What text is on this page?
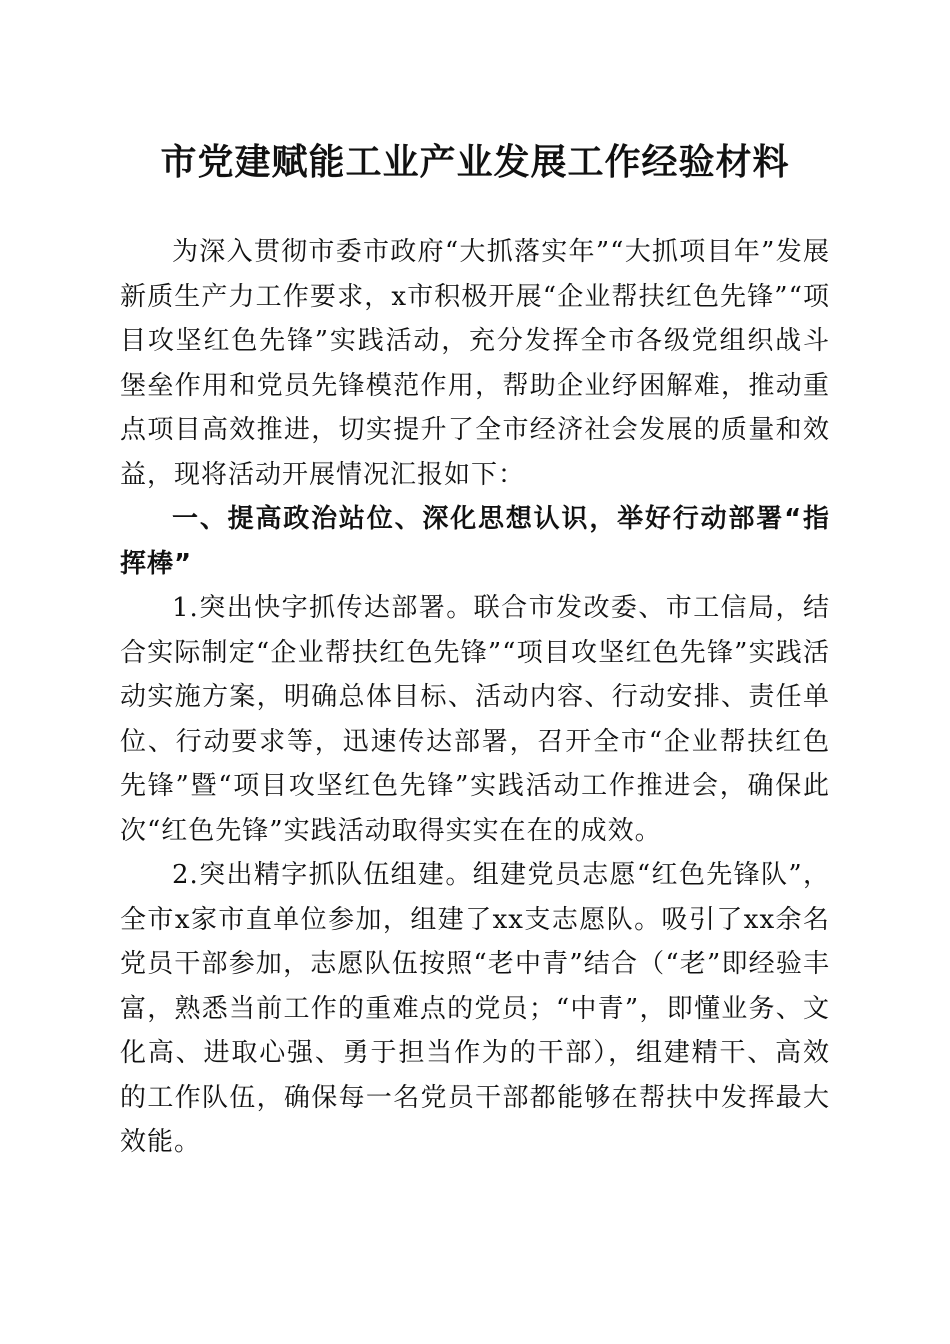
市党建赋能工业产业发展工作经验材料

为深入贯彻市委市政府“大抓落实年”“大抓项目年”发展新质生产力工作要求，x市积极开展“企业帮扶红色先锋”“项目攻坚红色先锋”实践活动，充分发挥全市各级党组织战斗堡垒作用和党员先锋模范作用，帮助企业纾困解难，推动重点项目高效推进，切实提升了全市经济社会发展的质量和效益，现将活动开展情况汇报如下：

一、提高政治站位、深化思想认识，举好行动部署“指挥棒”

1.突出快字抓传达部署。联合市发改委、市工信局，结合实际制定“企业帮扶红色先锋”“项目攻坚红色先锋”实践活动实施方案，明确总体目标、活动内容、行动安排、责任单位、行动要求等，迅速传达部署，召开全市“企业帮扶红色先锋”暨“项目攻坚红色先锋”实践活动工作推进会，确保此次“红色先锋”实践活动取得实实在在的成效。

2.突出精字抓队伍组建。组建党员志愿“红色先锋队”，全市x家市直单位参加，组建了xx支志愿队。吸引了xx余名党员干部参加，志愿队伍按照“老中青”结合（“老”即经验丰富，熟悉当前工作的重难点的党员；“中青”，即懂业务、文化高、进取心强、勇于担当作为的干部），组建精干、高效的工作队伍，确保每一名党员干部都能够在帮扶中发挥最大效能。
